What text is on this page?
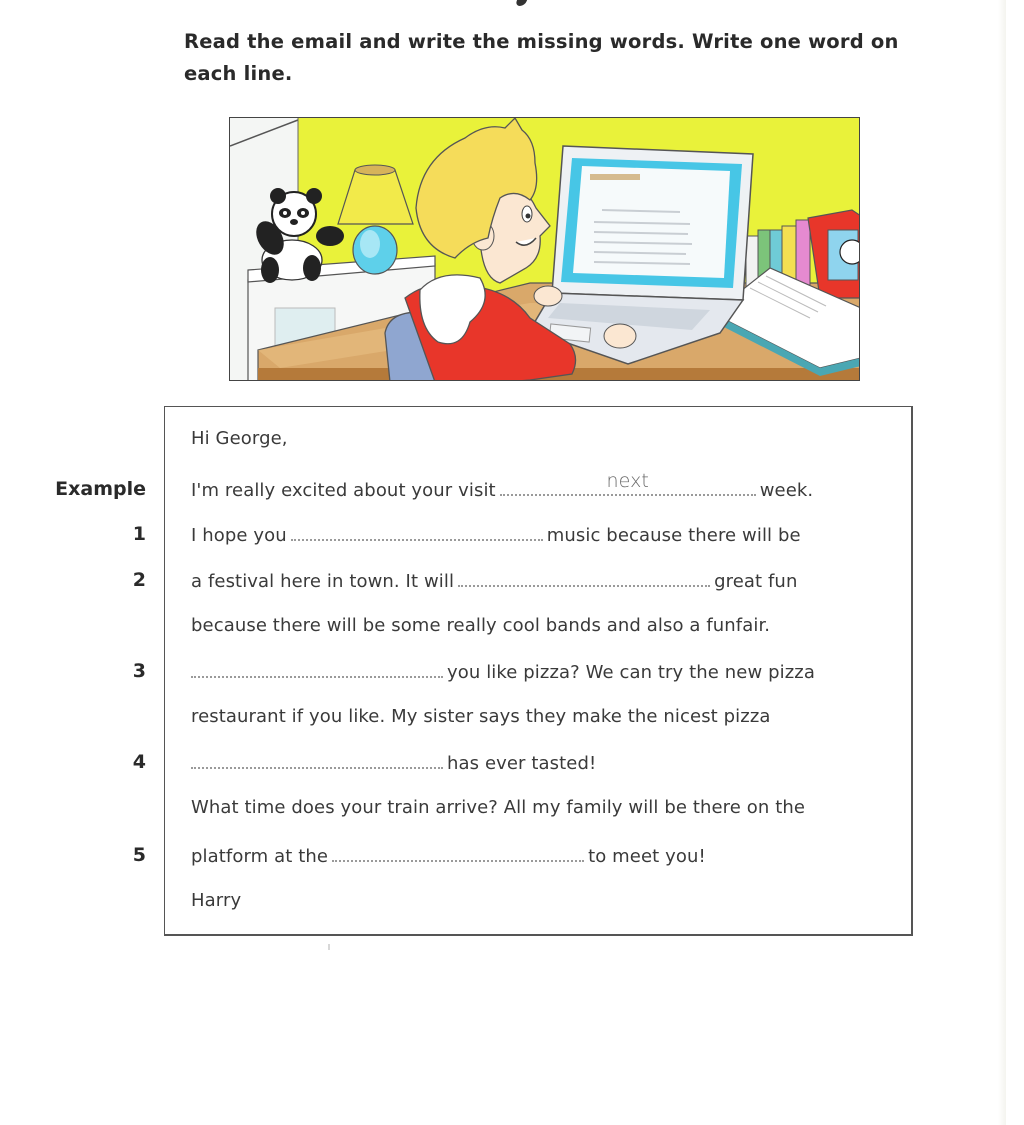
Read the email and write the missing words. Write one word on each line.
Hi George,
Example	I'm really excited about your visit	next	week.
1	I hope you	music because there will be
2	a festival here in town. It will	great fun
because there will be some really cool bands and also a funfair.
3	you like pizza? We can try the new pizza
restaurant if you like. My sister says they make the nicest pizza
4	has ever tasted!
What time does your train arrive? All my family will be there on the
5	platform at the	to meet you!
Harry
